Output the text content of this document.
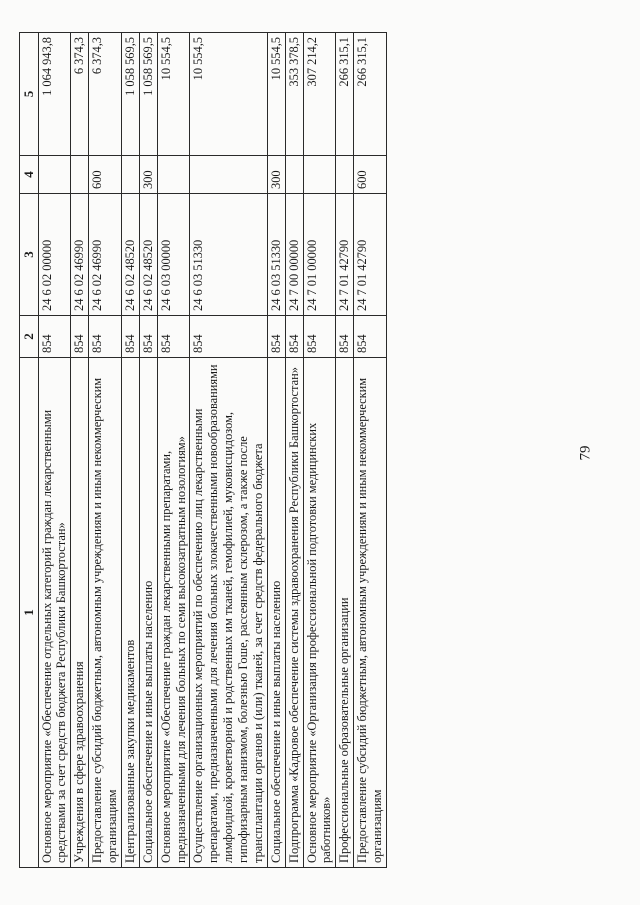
79
1	2	3	4	5
Основное мероприятие «Обеспечение отдельных категорий граждан лекарственными средствами за счет средств бюджета Республики Башкортостан»	854	24 6 02 00000		1 064 943,8
Учреждения в сфере здравоохранения	854	24 6 02 46990		6 374,3
Предоставление субсидий бюджетным, автономным учреждениям и иным некоммерческим организациям	854	24 6 02 46990	600	6 374,3
Централизованные закупки медикаментов	854	24 6 02 48520		1 058 569,5
Социальное обеспечение и иные выплаты населению	854	24 6 02 48520	300	1 058 569,5
Основное мероприятие «Обеспечение граждан лекарственными препаратами, предназначенными для лечения больных по семи высокозатратным нозологиям»	854	24 6 03 00000		10 554,5
Осуществление организационных мероприятий по обеспечению лиц лекарственными препаратами, предназначенными для лечения больных злокачественными новообразованиями лимфоидной, кроветворной и родственных им тканей, гемофилией, муковисцидозом, гипофизарным нанизмом, болезнью Гоше, рассеянным склерозом, а также после трансплантации органов и (или) тканей, за счет средств федерального бюджета	854	24 6 03 51330		10 554,5
Социальное обеспечение и иные выплаты населению	854	24 6 03 51330	300	10 554,5
Подпрограмма «Кадровое обеспечение системы здравоохранения Республики Башкортостан»	854	24 7 00 00000		353 378,5
Основное мероприятие «Организация профессиональной подготовки медицинских работников»	854	24 7 01 00000		307 214,2
Профессиональные образовательные организации	854	24 7 01 42790		266 315,1
Предоставление субсидий бюджетным, автономным учреждениям и иным некоммерческим организациям	854	24 7 01 42790	600	266 315,1
